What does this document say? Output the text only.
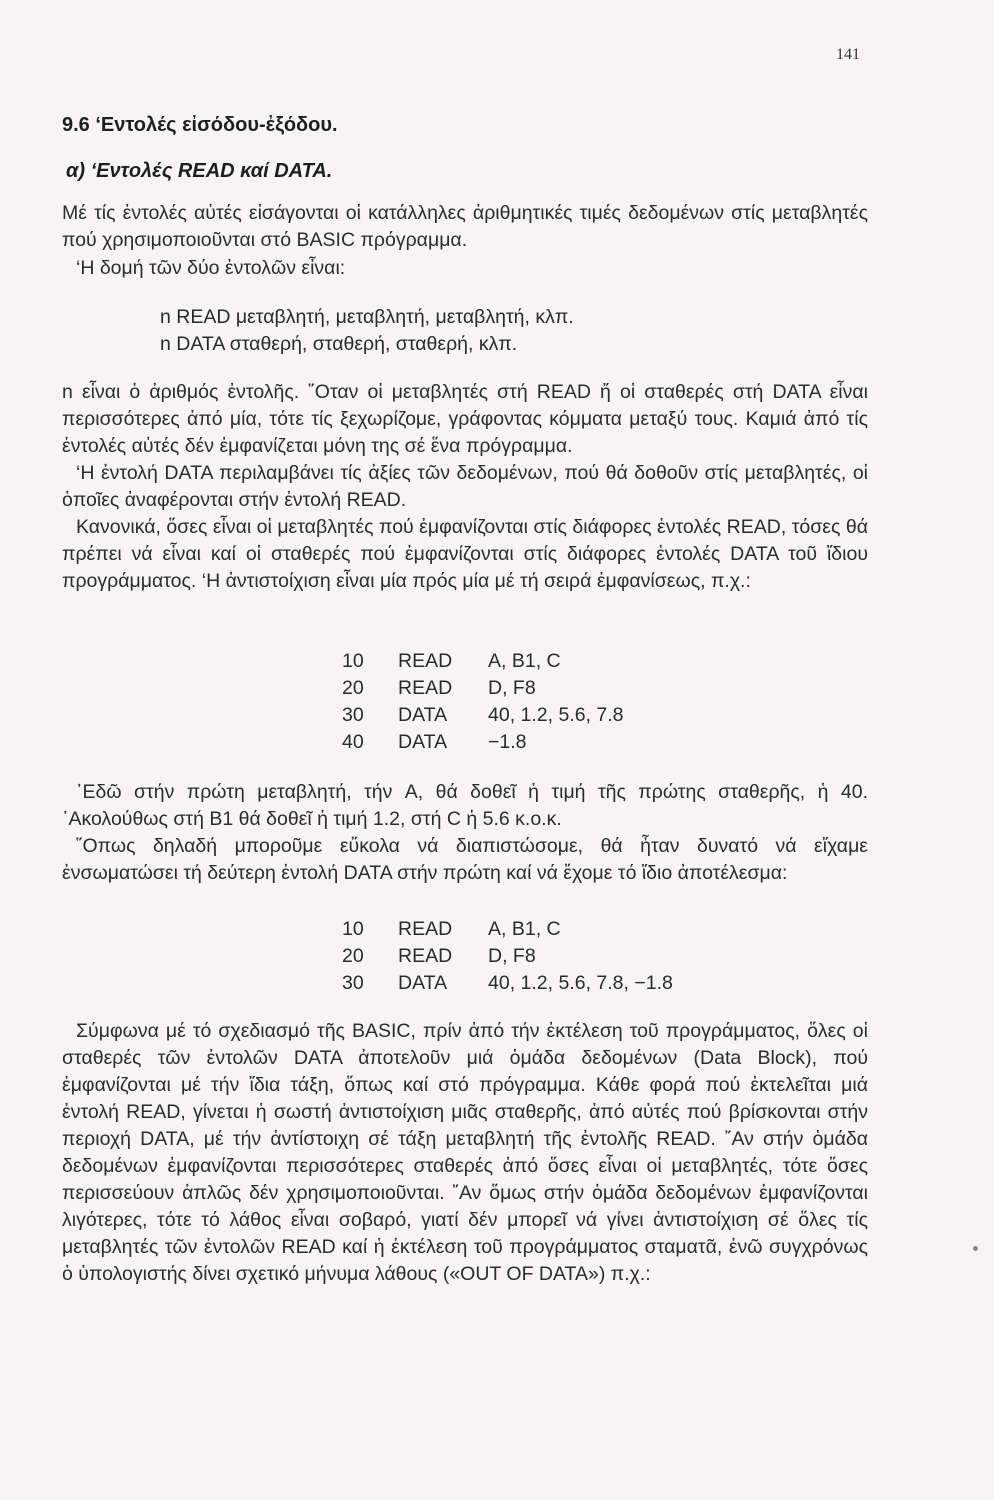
141
9.6 ‘Εντολές εἰσόδου-ἐξόδου.
α) ‘Εντολές READ καί DATA.

Μέ τίς ἐντολές αὐτές εἰσάγονται οἱ κατάλληλες ἀριθμητικές τιμές δεδομένων στίς μεταβλητές πού χρησιμοποιοῦνται στό BASIC πρόγραμμα.

‘Η δομή τῶν δύο ἐντολῶν εἶναι:

n READ μεταβλητή, μεταβλητή, μεταβλητή, κλπ.

n DATA σταθερή, σταθερή, σταθερή, κλπ.

n εἶναι ὁ ἀριθμός ἐντολῆς. ῞Οταν οἱ μεταβλητές στή READ ἤ οἱ σταθερές στή DATA εἶναι περισσότερες ἀπό μία, τότε τίς ξεχωρίζομε, γράφοντας κόμματα μεταξύ τους. Καμιά ἀπό τίς ἐντολές αὐτές δέν ἐμφανίζεται μόνη της σέ ἕνα πρόγραμμα.

‘Η ἐντολή DATA περιλαμβάνει τίς ἀξίες τῶν δεδομένων, πού θά δοθοῦν στίς μεταβλητές, οἱ ὁποῖες ἀναφέρονται στήν ἐντολή READ.

Κανονικά, ὅσες εἶναι οἱ μεταβλητές πού ἐμφανίζονται στίς διάφορες ἐντολές READ, τόσες θά πρέπει νά εἶναι καί οἱ σταθερές πού ἐμφανίζονται στίς διάφορες ἐντολές DATA τοῦ ἴδιου προγράμματος. ‘Η ἀντιστοίχιση εἶναι μία πρός μία μέ τή σειρά ἐμφανίσεως, π.χ.:

10 READ A, B1, C
20 READ D, F8
30 DATA 40, 1.2, 5.6, 7.8
40 DATA −1.8

᾽Εδῶ στήν πρώτη μεταβλητή, τήν A, θά δοθεῖ ἡ τιμή τῆς πρώτης σταθερῆς, ἡ 40. ᾽Ακολούθως στή B1 θά δοθεῖ ἡ τιμή 1.2, στή C ἡ 5.6 κ.ο.κ.

῞Οπως δηλαδή μποροῦμε εὔκολα νά διαπιστώσομε, θά ἦταν δυνατό νά εἴχαμε ἐνσωματώσει τή δεύτερη ἐντολή DATA στήν πρώτη καί νά ἔχομε τό ἴδιο ἀποτέλεσμα:

10 READ A, B1, C
20 READ D, F8
30 DATA 40, 1.2, 5.6, 7.8, −1.8

Σύμφωνα μέ τό σχεδιασμό τῆς BASIC, πρίν ἀπό τήν ἐκτέλεση τοῦ προγράμματος, ὅλες οἱ σταθερές τῶν ἐντολῶν DATA ἀποτελοῦν μιά ὁμάδα δεδομένων (Data Block), πού ἐμφανίζονται μέ τήν ἴδια τάξη, ὅπως καί στό πρόγραμμα. Κάθε φορά πού ἐκτελεῖται μιά ἐντολή READ, γίνεται ἡ σωστή ἀντιστοίχιση μιᾶς σταθερῆς, ἀπό αὐτές πού βρίσκονται στήν περιοχή DATA, μέ τήν ἀντίστοιχη σέ τάξη μεταβλητή τῆς ἐντολῆς READ. ῎Αν στήν ὁμάδα δεδομένων ἐμφανίζονται περισσότερες σταθερές ἀπό ὅσες εἶναι οἱ μεταβλητές, τότε ὅσες περισσεύουν ἁπλῶς δέν χρησιμοποιοῦνται. ῎Αν ὅμως στήν ὁμάδα δεδομένων ἐμφανίζονται λιγότερες, τότε τό λάθος εἶναι σοβαρό, γιατί δέν μπορεῖ νά γίνει ἀντιστοίχιση σέ ὅλες τίς μεταβλητές τῶν ἐντολῶν READ καί ἡ ἐκτέλεση τοῦ προγράμματος σταματᾶ, ἐνῶ συγχρόνως ὁ ὑπολογιστής δίνει σχετικό μήνυμα λάθους («OUT OF DATA») π.χ.:
